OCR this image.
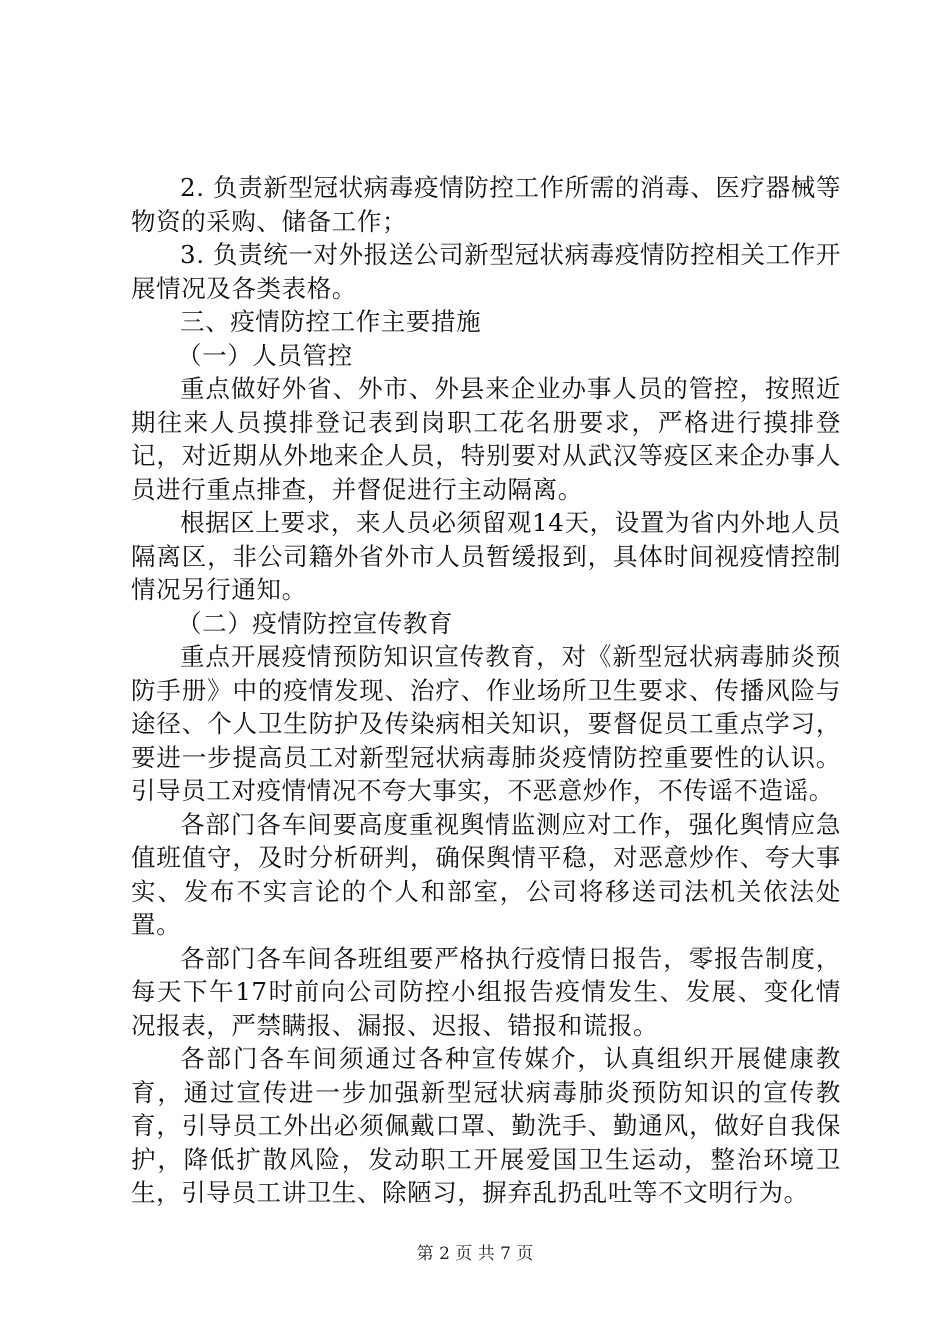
2. 负责新型冠状病毒疫情防控工作所需的消毒、医疗器械等物资的采购、储备工作；

3. 负责统一对外报送公司新型冠状病毒疫情防控相关工作开展情况及各类表格。

三、疫情防控工作主要措施

（一）人员管控

重点做好外省、外市、外县来企业办事人员的管控，按照近期往来人员摸排登记表到岗职工花名册要求，严格进行摸排登记，对近期从外地来企人员，特别要对从武汉等疫区来企办事人员进行重点排查，并督促进行主动隔离。

根据区上要求，来人员必须留观14天，设置为省内外地人员隔离区，非公司籍外省外市人员暂缓报到，具体时间视疫情控制情况另行通知。

（二）疫情防控宣传教育

重点开展疫情预防知识宣传教育，对《新型冠状病毒肺炎预防手册》中的疫情发现、治疗、作业场所卫生要求、传播风险与途径、个人卫生防护及传染病相关知识，要督促员工重点学习，要进一步提高员工对新型冠状病毒肺炎疫情防控重要性的认识。引导员工对疫情情况不夸大事实，不恶意炒作，不传谣不造谣。

各部门各车间要高度重视舆情监测应对工作，强化舆情应急值班值守，及时分析研判，确保舆情平稳，对恶意炒作、夸大事实、发布不实言论的个人和部室，公司将移送司法机关依法处置。

各部门各车间各班组要严格执行疫情日报告，零报告制度，每天下午17时前向公司防控小组报告疫情发生、发展、变化情况报表，严禁瞒报、漏报、迟报、错报和谎报。

各部门各车间须通过各种宣传媒介，认真组织开展健康教育，通过宣传进一步加强新型冠状病毒肺炎预防知识的宣传教育，引导员工外出必须佩戴口罩、勤洗手、勤通风，做好自我保护，降低扩散风险，发动职工开展爱国卫生运动，整治环境卫生，引导员工讲卫生、除陋习，摒弃乱扔乱吐等不文明行为。

第 2 页 共 7 页
